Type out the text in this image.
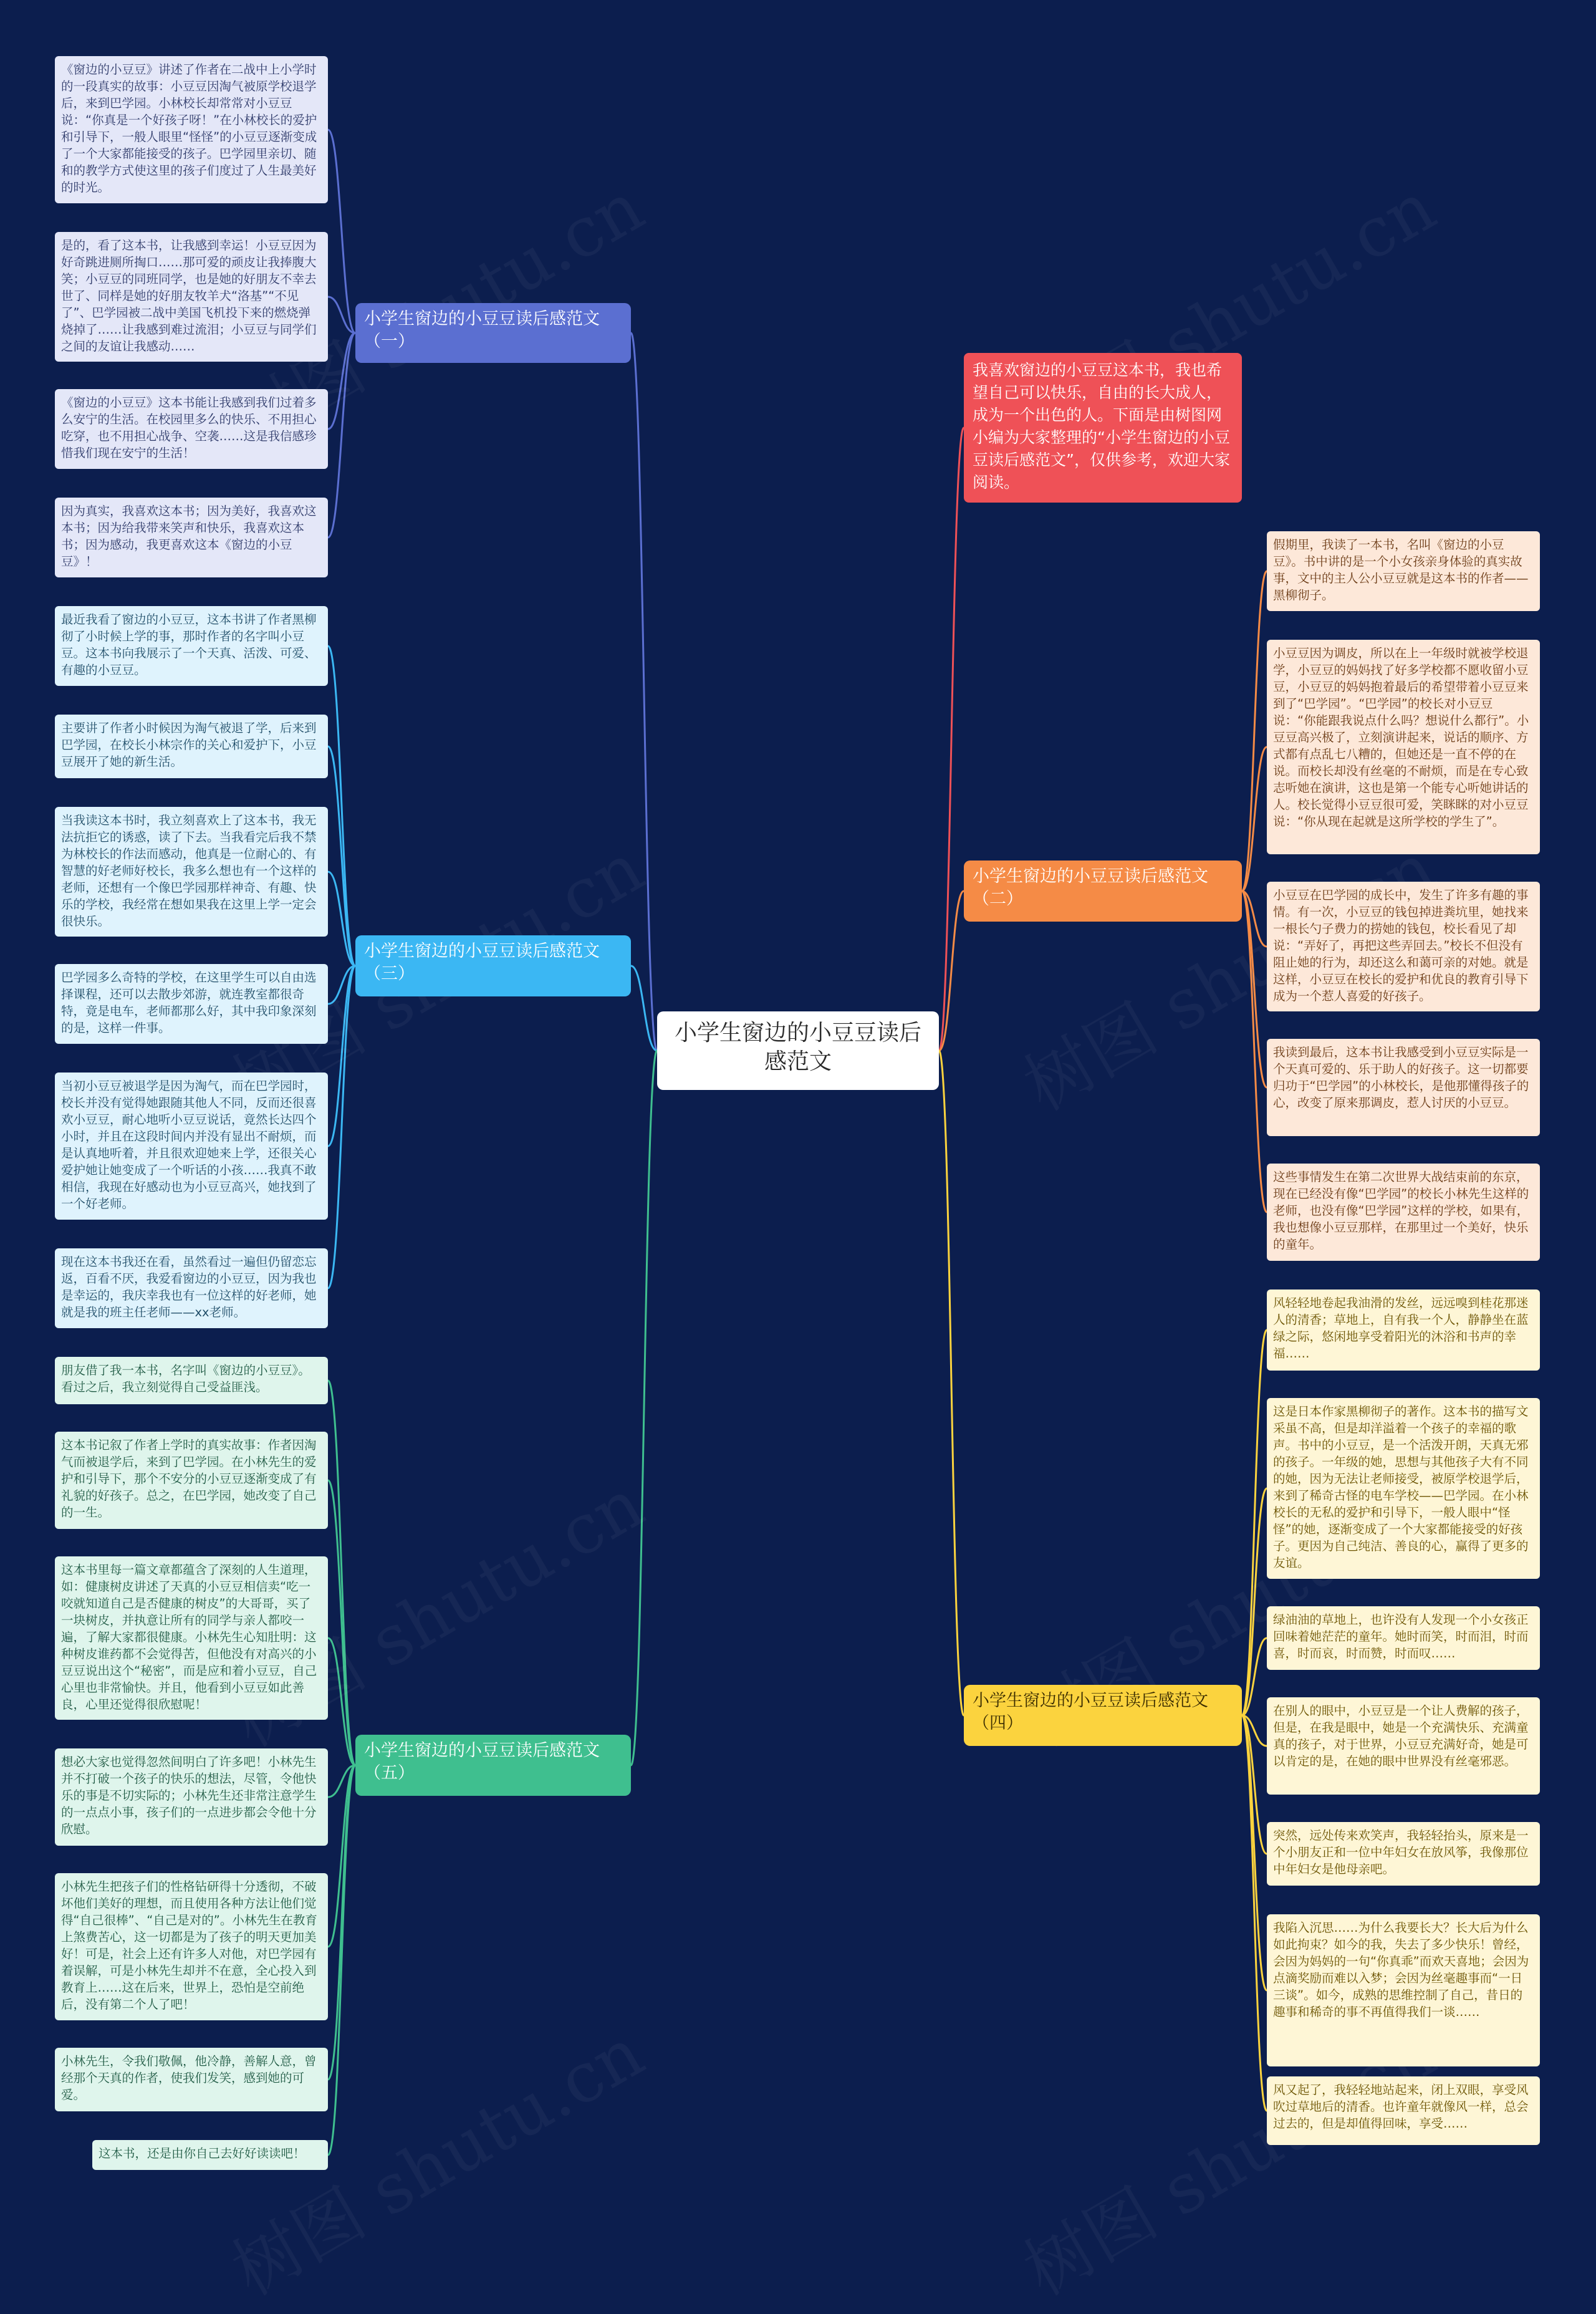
小学生窗边的小豆豆读后感范文
我喜欢窗边的小豆豆这本书，我也希望自己可以快乐，自由的长大成人，成为一个出色的人。下面是由树图网小编为大家整理的“小学生窗边的小豆豆读后感范文”，仅供参考，欢迎大家阅读。
小学生窗边的小豆豆读后感范文（一）
《窗边的小豆豆》讲述了作者在二战中上小学时的一段真实的故事：小豆豆因淘气被原学校退学后，来到巴学园。小林校长却常常对小豆豆说：“你真是一个好孩子呀！”在小林校长的爱护和引导下，一般人眼里“怪怪”的小豆豆逐渐变成了一个大家都能接受的孩子。巴学园里亲切、随和的教学方式使这里的孩子们度过了人生最美好的时光。
是的，看了这本书，让我感到幸运！小豆豆因为好奇跳进厕所掏口……那可爱的顽皮让我捧腹大笑；小豆豆的同班同学，也是她的好朋友不幸去世了、同样是她的好朋友牧羊犬“洛基”“不见了”、巴学园被二战中美国飞机投下来的燃烧弹烧掉了……让我感到难过流泪；小豆豆与同学们之间的友谊让我感动……
《窗边的小豆豆》这本书能让我感到我们过着多么安宁的生活。在校园里多么的快乐、不用担心吃穿，也不用担心战争、空袭……这是我信感珍惜我们现在安宁的生活！
因为真实，我喜欢这本书；因为美好，我喜欢这本书；因为给我带来笑声和快乐，我喜欢这本书；因为感动，我更喜欢这本《窗边的小豆豆》！
小学生窗边的小豆豆读后感范文（三）
最近我看了窗边的小豆豆，这本书讲了作者黑柳彻了小时候上学的事，那时作者的名字叫小豆豆。这本书向我展示了一个天真、活泼、可爱、有趣的小豆豆。
主要讲了作者小时候因为淘气被退了学，后来到巴学园，在校长小林宗作的关心和爱护下，小豆豆展开了她的新生活。
当我读这本书时，我立刻喜欢上了这本书，我无法抗拒它的诱惑，读了下去。当我看完后我不禁为林校长的作法而感动，他真是一位耐心的、有智慧的好老师好校长，我多么想也有一个这样的老师，还想有一个像巴学园那样神奇、有趣、快乐的学校，我经常在想如果我在这里上学一定会很快乐。
巴学园多么奇特的学校，在这里学生可以自由选择课程，还可以去散步郊游，就连教室都很奇特，竟是电车，老师都那么好，其中我印象深刻的是，这样一件事。
当初小豆豆被退学是因为淘气，而在巴学园时，校长并没有觉得她跟随其他人不同，反而还很喜欢小豆豆，耐心地听小豆豆说话，竟然长达四个小时，并且在这段时间内并没有显出不耐烦，而是认真地听着，并且很欢迎她来上学，还很关心爱护她让她变成了一个听话的小孩……我真不敢相信，我现在好感动也为小豆豆高兴，她找到了一个好老师。
现在这本书我还在看，虽然看过一遍但仍留恋忘返，百看不厌，我爱看窗边的小豆豆，因为我也是幸运的，我庆幸我也有一位这样的好老师，她就是我的班主任老师——xx老师。
小学生窗边的小豆豆读后感范文（五）
朋友借了我一本书，名字叫《窗边的小豆豆》。看过之后，我立刻觉得自己受益匪浅。
这本书记叙了作者上学时的真实故事：作者因淘气而被退学后，来到了巴学园。在小林先生的爱护和引导下，那个不安分的小豆豆逐渐变成了有礼貌的好孩子。总之，在巴学园，她改变了自己的一生。
这本书里每一篇文章都蕴含了深刻的人生道理，如：健康树皮讲述了天真的小豆豆相信卖“吃一咬就知道自己是否健康的树皮”的大哥哥，买了一块树皮，并执意让所有的同学与亲人都咬一遍，了解大家都很健康。小林先生心知肚明：这种树皮谁药都不会觉得苦，但他没有对高兴的小豆豆说出这个“秘密”，而是应和着小豆豆，自己心里也非常愉快。并且，他看到小豆豆如此善良，心里还觉得很欣慰呢！
想必大家也觉得忽然间明白了许多吧！小林先生并不打破一个孩子的快乐的想法，尽管，令他快乐的事是不切实际的；小林先生还非常注意学生的一点点小事，孩子们的一点进步都会令他十分欣慰。
小林先生把孩子们的性格钻研得十分透彻，不破坏他们美好的理想，而且使用各种方法让他们觉得“自己很棒”、“自己是对的”。小林先生在教育上煞费苦心，这一切都是为了孩子的明天更加美好！可是，社会上还有许多人对他，对巴学园有着误解，可是小林先生却并不在意，全心投入到教育上……这在后来，世界上，恐怕是空前绝后，没有第二个人了吧！
小林先生，令我们敬佩，他冷静，善解人意，曾经那个天真的作者，使我们发笑，感到她的可爱。
这本书，还是由你自己去好好读读吧！
小学生窗边的小豆豆读后感范文（二）
假期里，我读了一本书，名叫《窗边的小豆豆》。书中讲的是一个小女孩亲身体验的真实故事，文中的主人公小豆豆就是这本书的作者——黑柳彻子。
小豆豆因为调皮，所以在上一年级时就被学校退学，小豆豆的妈妈找了好多学校都不愿收留小豆豆，小豆豆的妈妈抱着最后的希望带着小豆豆来到了“巴学园”。“巴学园”的校长对小豆豆说：“你能跟我说点什么吗？想说什么都行”。小豆豆高兴极了，立刻演讲起来，说话的顺序、方式都有点乱七八糟的，但她还是一直不停的在说。而校长却没有丝毫的不耐烦，而是在专心致志听她在演讲，这也是第一个能专心听她讲话的人。校长觉得小豆豆很可爱，笑眯眯的对小豆豆说：“你从现在起就是这所学校的学生了”。
小豆豆在巴学园的成长中，发生了许多有趣的事情。有一次，小豆豆的钱包掉进粪坑里，她找来一根长勺子费力的捞她的钱包，校长看见了却说：“弄好了，再把这些弄回去。”校长不但没有阻止她的行为，却还这么和蔼可亲的对她。就是这样，小豆豆在校长的爱护和优良的教育引导下成为一个惹人喜爱的好孩子。
我读到最后，这本书让我感受到小豆豆实际是一个天真可爱的、乐于助人的好孩子。这一切都要归功于“巴学园”的小林校长，是他那懂得孩子的心，改变了原来那调皮，惹人讨厌的小豆豆。
这些事情发生在第二次世界大战结束前的东京，现在已经没有像“巴学园”的校长小林先生这样的老师，也没有像“巴学园”这样的学校，如果有，我也想像小豆豆那样，在那里过一个美好，快乐的童年。
小学生窗边的小豆豆读后感范文（四）
风轻轻地卷起我油滑的发丝，远远嗅到桂花那迷人的清香；草地上，自有我一个人，静静坐在蓝绿之际，悠闲地享受着阳光的沐浴和书声的幸福……
这是日本作家黑柳彻子的著作。这本书的描写文采虽不高，但是却洋溢着一个孩子的幸福的歌声。书中的小豆豆，是一个活泼开朗，天真无邪的孩子。一年级的她，思想与其他孩子大有不同的她，因为无法让老师接受，被原学校退学后，来到了稀奇古怪的电车学校——巴学园。在小林校长的无私的爱护和引导下，一般人眼中“怪怪”的她，逐渐变成了一个大家都能接受的好孩子。更因为自己纯洁、善良的心，赢得了更多的友谊。
绿油油的草地上，也许没有人发现一个小女孩正回味着她茫茫的童年。她时而笑，时而泪，时而喜，时而哀，时而赞，时而叹……
在别人的眼中，小豆豆是一个让人费解的孩子，但是，在我是眼中，她是一个充满快乐、充满童真的孩子，对于世界，小豆豆充满好奇，她是可以肯定的是，在她的眼中世界没有丝毫邪恶。
突然，远处传来欢笑声，我轻轻抬头，原来是一个小朋友正和一位中年妇女在放风筝，我像那位中年妇女是他母亲吧。
我陷入沉思……为什么我要长大？长大后为什么如此拘束？如今的我，失去了多少快乐！曾经，会因为妈妈的一句“你真乖”而欢天喜地；会因为点滴奖励而难以入梦；会因为丝毫趣事而“一日三谈”。如今，成熟的思维控制了自己，昔日的趣事和稀奇的事不再值得我们一谈……
风又起了，我轻轻地站起来，闭上双眼，享受风吹过草地后的清香。也许童年就像风一样，总会过去的，但是却值得回味，享受……
